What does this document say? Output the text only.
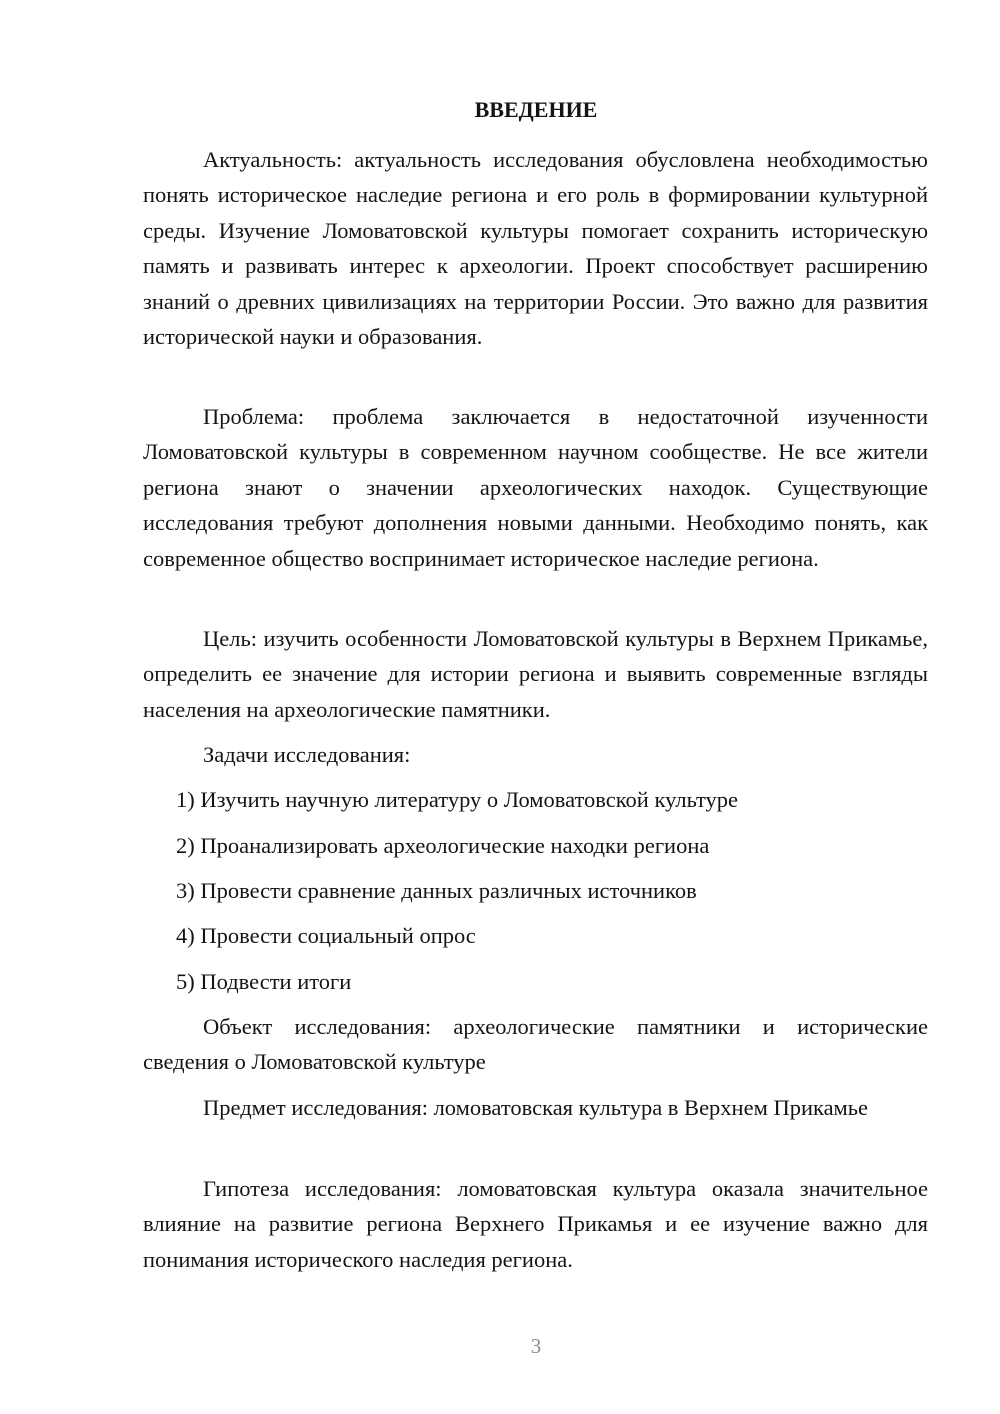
ВВЕДЕНИЕ

Актуальность: актуальность исследования обусловлена необходимостью понять историческое наследие региона и его роль в формировании культурной среды. Изучение Ломоватовской культуры помогает сохранить историческую память и развивать интерес к археологии. Проект способствует расширению знаний о древних цивилизациях на территории России. Это важно для развития исторической науки и образования.

Проблема: проблема заключается в недостаточной изученности Ломоватовской культуры в современном научном сообществе. Не все жители региона знают о значении археологических находок. Существующие исследования требуют дополнения новыми данными. Необходимо понять, как современное общество воспринимает историческое наследие региона.

Цель: изучить особенности Ломоватовской культуры в Верхнем Прикамье, определить ее значение для истории региона и выявить современные взгляды населения на археологические памятники.

Задачи исследования:

1) Изучить научную литературу о Ломоватовской культуре

2) Проанализировать археологические находки региона

3) Провести сравнение данных различных источников

4) Провести социальный опрос

5) Подвести итоги

Объект исследования: археологические памятники и исторические сведения о Ломоватовской культуре

Предмет исследования: ломоватовская культура в Верхнем Прикамье

Гипотеза исследования: ломоватовская культура оказала значительное влияние на развитие региона Верхнего Прикамья и ее изучение важно для понимания исторического наследия региона.

3
